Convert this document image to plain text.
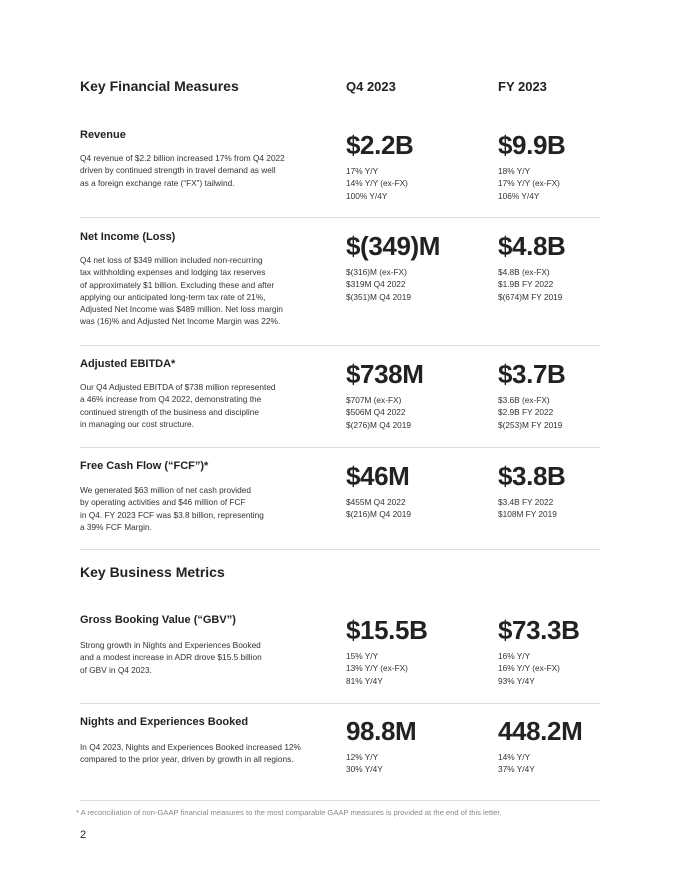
Key Financial Measures	Q4 2023	FY 2023
Revenue
Q4 revenue of $2.2 billion increased 17% from Q4 2022
driven by continued strength in travel demand as well
as a foreign exchange rate (“FX”) tailwind.
$2.2B
17% Y/Y
14% Y/Y (ex-FX)
100% Y/4Y
$9.9B
18% Y/Y
17% Y/Y (ex-FX)
106% Y/4Y
Net Income (Loss)
Q4 net loss of $349 million included non-recurring
tax withholding expenses and lodging tax reserves
of approximately $1 billion. Excluding these and after
applying our anticipated long-term tax rate of 21%,
Adjusted Net Income was $489 million. Net loss margin
was (16)% and Adjusted Net Income Margin was 22%.
$(349)M
$(316)M (ex-FX)
$319M Q4 2022
$(351)M Q4 2019
$4.8B
$4.8B (ex-FX)
$1.9B FY 2022
$(674)M FY 2019
Adjusted EBITDA*
Our Q4 Adjusted EBITDA of $738 million represented
a 46% increase from Q4 2022, demonstrating the
continued strength of the business and discipline
in managing our cost structure.
$738M
$707M (ex-FX)
$506M Q4 2022
$(276)M Q4 2019
$3.7B
$3.6B (ex-FX)
$2.9B FY 2022
$(253)M FY 2019
Free Cash Flow (“FCF”)*
We generated $63 million of net cash provided
by operating activities and $46 million of FCF
in Q4. FY 2023 FCF was $3.8 billion, representing
a 39% FCF Margin.
$46M
$455M Q4 2022
$(216)M Q4 2019
$3.8B
$3.4B FY 2022
$108M FY 2019
Key Business Metrics
Gross Booking Value (“GBV”)
Strong growth in Nights and Experiences Booked
and a modest increase in ADR drove $15.5 billion
of GBV in Q4 2023.
$15.5B
15% Y/Y
13% Y/Y (ex-FX)
81% Y/4Y
$73.3B
16% Y/Y
16% Y/Y (ex-FX)
93% Y/4Y
Nights and Experiences Booked
In Q4 2023, Nights and Experiences Booked increased 12%
compared to the prior year, driven by growth in all regions.
98.8M
12% Y/Y
30% Y/4Y
448.2M
14% Y/Y
37% Y/4Y
* A reconciliation of non-GAAP financial measures to the most comparable GAAP measures is provided at the end of this letter.
2
